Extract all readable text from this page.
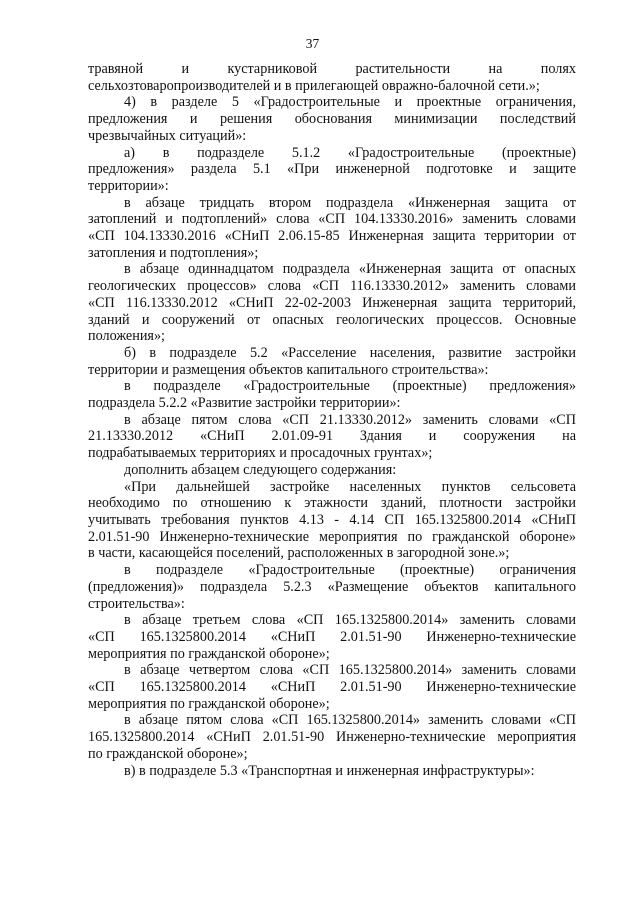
37
травяной и кустарниковой растительности на полях
сельхозтоваропроизводителей и в прилегающей овражно-балочной сети.»;
4) в разделе 5 «Градостроительные и проектные ограничения,
предложения и решения обоснования минимизации последствий
чрезвычайных ситуаций»:
а) в подразделе 5.1.2 «Градостроительные (проектные)
предложения» раздела 5.1 «При инженерной подготовке и защите
территории»:
в абзаце тридцать втором подраздела «Инженерная защита от
затоплений и подтоплений» слова «СП 104.13330.2016» заменить словами
«СП 104.13330.2016 «СНиП 2.06.15-85 Инженерная защита территории от
затопления и подтопления»;
в абзаце одиннадцатом подраздела «Инженерная защита от опасных
геологических процессов» слова «СП 116.13330.2012» заменить словами
«СП 116.13330.2012 «СНиП 22-02-2003 Инженерная защита территорий,
зданий и сооружений от опасных геологических процессов. Основные
положения»;
б) в подразделе 5.2 «Расселение населения, развитие застройки
территории и размещения объектов капитального строительства»:
в подразделе «Градостроительные (проектные) предложения»
подраздела 5.2.2 «Развитие застройки территории»:
в абзаце пятом слова «СП 21.13330.2012» заменить словами «СП
21.13330.2012 «СНиП 2.01.09-91 Здания и сооружения на
подрабатываемых территориях и просадочных грунтах»;
дополнить абзацем следующего содержания:
«При дальнейшей застройке населенных пунктов сельсовета
необходимо по отношению к этажности зданий, плотности застройки
учитывать требования пунктов 4.13 - 4.14 СП 165.1325800.2014 «СНиП
2.01.51-90 Инженерно-технические мероприятия по гражданской обороне»
в части, касающейся поселений, расположенных в загородной зоне.»;
в подразделе «Градостроительные (проектные) ограничения
(предложения)» подраздела 5.2.3 «Размещение объектов капитального
строительства»:
в абзаце третьем слова «СП 165.1325800.2014» заменить словами
«СП 165.1325800.2014 «СНиП 2.01.51-90 Инженерно-технические
мероприятия по гражданской обороне»;
в абзаце четвертом слова «СП 165.1325800.2014» заменить словами
«СП 165.1325800.2014 «СНиП 2.01.51-90 Инженерно-технические
мероприятия по гражданской обороне»;
в абзаце пятом слова «СП 165.1325800.2014» заменить словами «СП
165.1325800.2014 «СНиП 2.01.51-90 Инженерно-технические мероприятия
по гражданской обороне»;
в) в подразделе 5.3 «Транспортная и инженерная инфраструктуры»:
